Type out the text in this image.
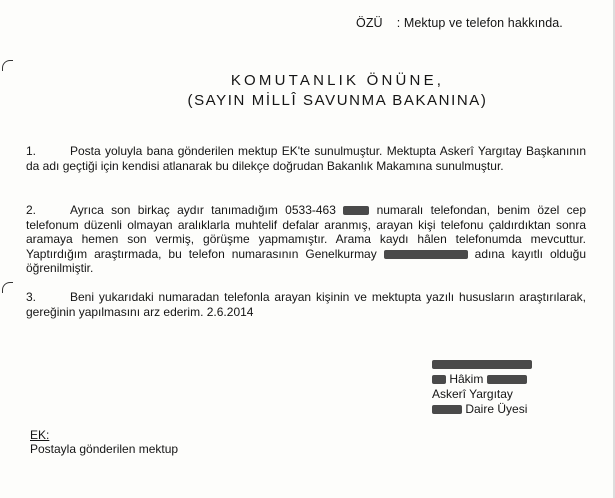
ÖZÜ : Mektup ve telefon hakkında.
KOMUTANLIK ÖNÜNE,
(SAYIN MİLLÎ SAVUNMA BAKANINA)
1.	Posta yoluyla bana gönderilen mektup EK'te sunulmuştur. Mektupta Askerî Yargıtay Başkanının da adı geçtiği için kendisi atlanarak bu dilekçe doğrudan Bakanlık Makamına sunulmuştur.
2.	Ayrıca son birkaç aydır tanımadığım 0533-463	numaralı telefondan, benim özel cep telefonum düzenli olmayan aralıklarla muhtelif defalar aranmış, arayan kişi telefonu çaldırdıktan sonra aramaya hemen son vermiş, görüşme yapmamıştır. Arama kaydı hâlen telefonumda mevcuttur. Yaptırdığım araştırmada, bu telefon numarasının Genelkurmay	adına kayıtlı olduğu öğrenilmiştir.
3.	Beni yukarıdaki numaradan telefonla arayan kişinin ve mektupta yazılı hususların araştırılarak, gereğinin yapılmasını arz ederim. 2.6.2014
Hâkim
Askerî Yargıtay
Daire Üyesi
EK:
Postayla gönderilen mektup
